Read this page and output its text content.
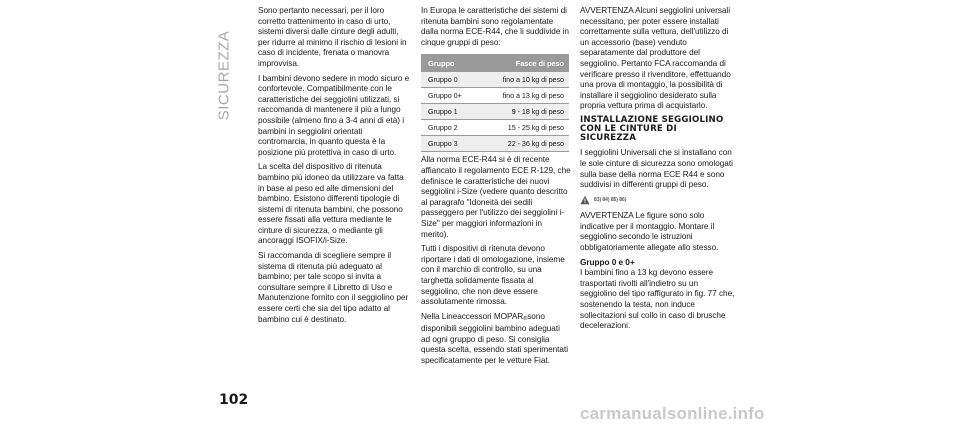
SICUREZZA

Sono pertanto necessari, per il loro corretto trattenimento in caso di urto, sistemi diversi dalle cinture degli adulti, per ridurre al minimo il rischio di lesioni in caso di incidente, frenata o manovra improvvisa.

I bambini devono sedere in modo sicuro e confortevole. Compatibilmente con le caratteristiche dei seggiolini utilizzati, si raccomanda di mantenere il più a lungo possibile (almeno fino a 3-4 anni di età) i bambini in seggiolini orientati contromarcia, in quanto questa è la posizione più protettiva in caso di urto.

La scelta del dispositivo di ritenuta bambino più idoneo da utilizzare va fatta in base al peso ed alle dimensioni del bambino. Esistono differenti tipologie di sistemi di ritenuta bambini, che possono essere fissati alla vettura mediante le cinture di sicurezza, o mediante gli ancoraggi ISOFIX/i-Size.

Si raccomanda di scegliere sempre il sistema di ritenuta più adeguato al bambino; per tale scopo si invita a consultare sempre il Libretto di Uso e Manutenzione fornito con il seggiolino per essere certi che sia del tipo adatto al bambino cui è destinato.

In Europa le caratteristiche dei sistemi di ritenuta bambini sono regolamentate dalla norma ECE-R44, che li suddivide in cinque gruppi di peso:

Gruppo	Fasce di peso
Gruppo 0	fino a 10 kg di peso
Gruppo 0+	fino a 13 kg di peso
Gruppo 1	9 - 18 kg di peso
Gruppo 2	15 - 25 kg di peso
Gruppo 3	22 - 36 kg di peso

Alla norma ECE-R44 si è di recente affiancato il regolamento ECE R-129, che definisce le caratteristiche dei nuovi seggiolini i-Size (vedere quanto descritto al paragrafo "Idoneità dei sedili passeggero per l'utilizzo dei seggiolini i-Size" per maggiori informazioni in merito).

Tutti i dispositivi di ritenuta devono riportare i dati di omologazione, insieme con il marchio di controllo, su una targhetta solidamente fissata al seggiolino, che non deve essere assolutamente rimossa.

Nella Lineaccessori MOPAR®sono disponibili seggiolini bambino adeguati ad ogni gruppo di peso. Si consiglia questa scelta, essendo stati sperimentati specificatamente per le vetture Fiat.

AVVERTENZA Alcuni seggiolini universali necessitano, per poter essere installati correttamente sulla vettura, dell'utilizzo di un accessorio (base) venduto separatamente dal produttore del seggiolino. Pertanto FCA raccomanda di verificare presso il rivenditore, effettuando una prova di montaggio, la possibilità di installare il seggiolino desiderato sulla propria vettura prima di acquistarlo.

INSTALLAZIONE SEGGIOLINO CON LE CINTURE DI SICUREZZA

I seggiolini Universali che si installano con le sole cinture di sicurezza sono omologati sulla base della norma ECE R44 e sono suddivisi in differenti gruppi di peso.

83) 84) 85) 86)

AVVERTENZA Le figure sono solo indicative per il montaggio. Montare il seggiolino secondo le istruzioni obbligatoriamente allegate allo stesso.

Gruppo 0 e 0+

I bambini fino a 13 kg devono essere trasportati rivolti all'indietro su un seggiolino del tipo raffigurato in fig. 77 che, sostenendo la testa, non induce sollecitazioni sul collo in caso di brusche decelerazioni.

102
carmanualsonline.info
